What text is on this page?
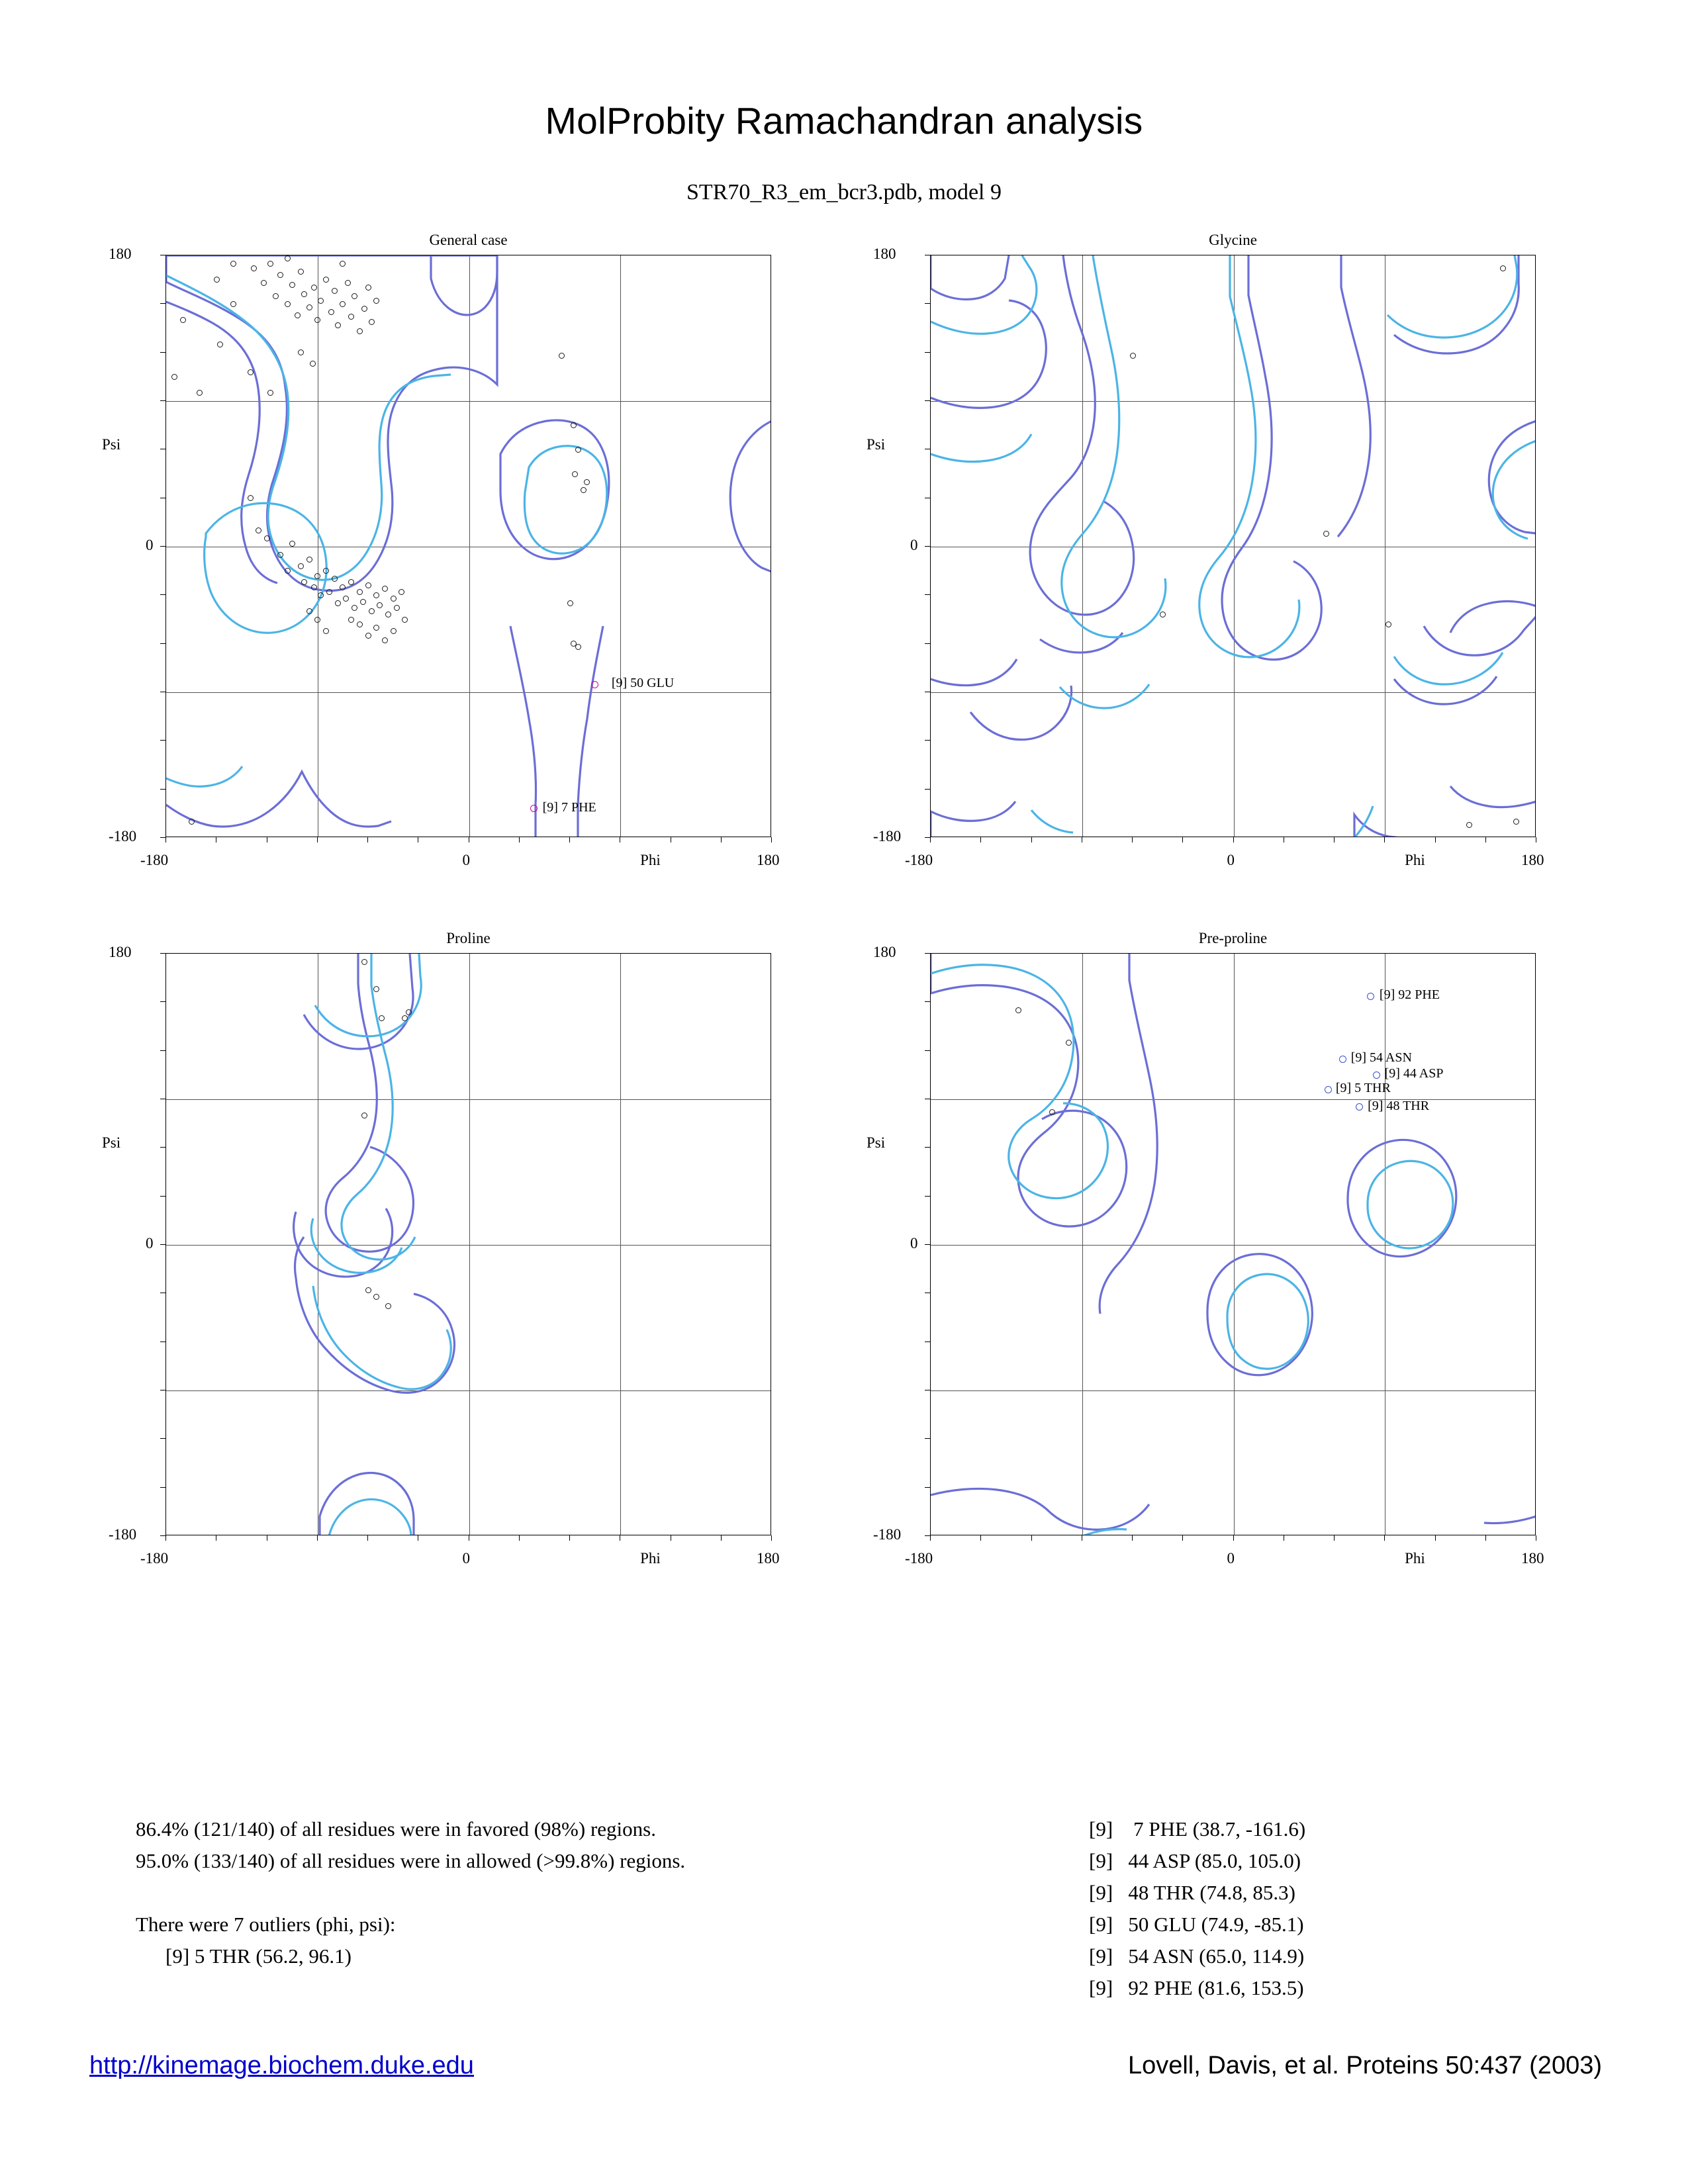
MolProbity Ramachandran analysis
STR70_R3_em_bcr3.pdb, model 9
General case
[9] 50 GLU
[9] 7 PHE
-180	0	180
Phi
180
0
-180
Psi
Glycine
-180	0	180
Phi
180
0
-180
Psi
Proline
-180	0	180
Phi
180
0
-180
Psi
Pre-proline
[9] 92 PHE
[9] 54 ASN
[9] 44 ASP
[9] 5 THR
[9] 48 THR
-180	0	180
Phi
180
0
-180
Psi
86.4% (121/140) of all residues were in favored (98%) regions.
95.0% (133/140) of all residues were in allowed (>99.8%) regions.
There were 7 outliers (phi, psi):
[9] 5 THR (56.2, 96.1)
[9]    7 PHE (38.7, -161.6)
[9]   44 ASP (85.0, 105.0)
[9]   48 THR (74.8, 85.3)
[9]   50 GLU (74.9, -85.1)
[9]   54 ASN (65.0, 114.9)
[9]   92 PHE (81.6, 153.5)
http://kinemage.biochem.duke.edu	Lovell, Davis, et al. Proteins 50:437 (2003)
